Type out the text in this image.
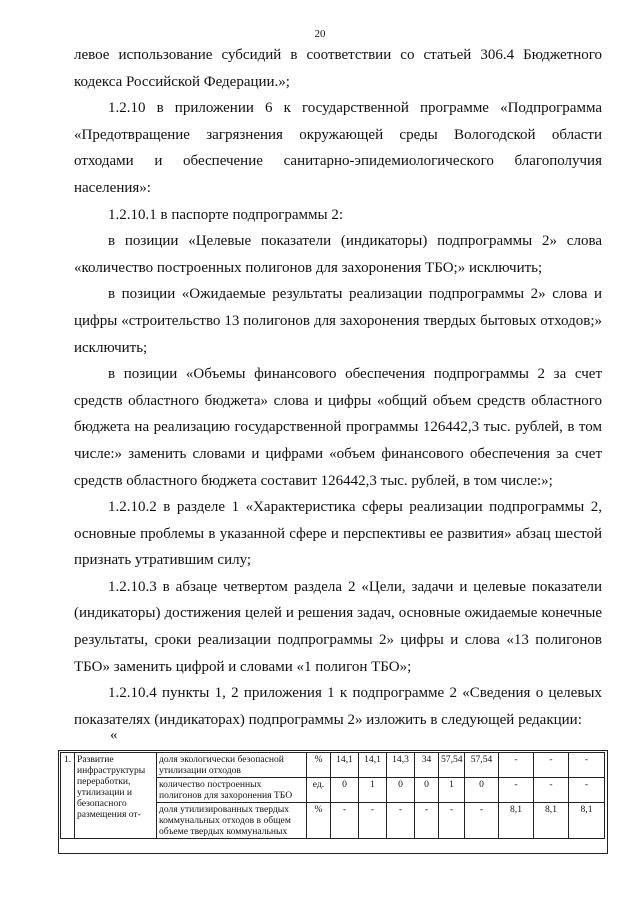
20

левое использование субсидий в соответствии со статьей 306.4 Бюджетного кодекса Российской Федерации.»;

1.2.10 в приложении 6 к государственной программе «Подпрограмма «Предотвращение загрязнения окружающей среды Вологодской области отходами и обеспечение санитарно-эпидемиологического благополучия населения»:

1.2.10.1 в паспорте подпрограммы 2:

в позиции «Целевые показатели (индикаторы) подпрограммы 2» слова «количество построенных полигонов для захоронения ТБО;» исключить;

в позиции «Ожидаемые результаты реализации подпрограммы 2» слова и цифры «строительство 13 полигонов для захоронения твердых бытовых отходов;» исключить;

в позиции «Объемы финансового обеспечения подпрограммы 2 за счет средств областного бюджета» слова и цифры «общий объем средств областного бюджета на реализацию государственной программы 126442,3 тыс. рублей, в том числе:» заменить словами и цифрами «объем финансового обеспечения за счет средств областного бюджета составит 126442,3 тыс. рублей, в том числе:»;

1.2.10.2 в разделе 1 «Характеристика сферы реализации подпрограммы 2, основные проблемы в указанной сфере и перспективы ее развития» абзац шестой признать утратившим силу;

1.2.10.3 в абзаце четвертом раздела 2 «Цели, задачи и целевые показатели (индикаторы) достижения целей и решения задач, основные ожидаемые конечные результаты, сроки реализации подпрограммы 2» цифры и слова «13 полигонов ТБО» заменить цифрой и словами «1 полигон ТБО»;

1.2.10.4 пункты 1, 2 приложения 1 к подпрограмме 2 «Сведения о целевых показателях (индикаторах) подпрограммы 2» изложить в следующей редакции:

«
1.	Развитие инфраструктуры переработки, утилизации и безопасного размещения от-	доля экологически безопасной утилизации отходов	%	14,1	14,1	14,3	34	57,54	57,54	-	-	-
		количество построенных полигонов для захоронения ТБО	ед.	0	1	0	0	1	0	-	-	-
		доля утилизированных твердых коммунальных отходов в общем объеме твердых коммунальных	%	-	-	-	-	-	-	8,1	8,1	8,1
